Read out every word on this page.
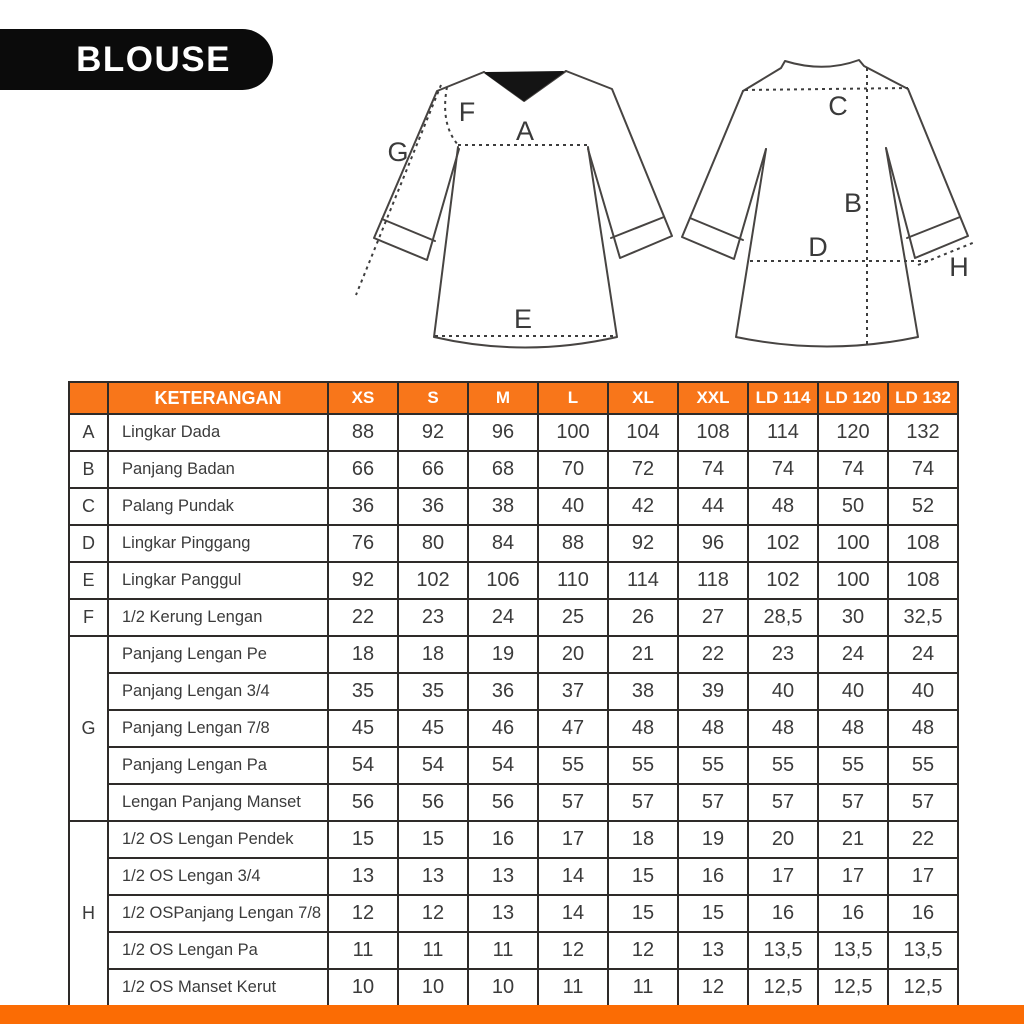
BLOUSE
F
A
G
E
C
B
D
H
	KETERANGAN	XS	S	M	L	XL	XXL	LD 114	LD 120	LD 132
A	Lingkar Dada	88	92	96	100	104	108	114	120	132
B	Panjang Badan	66	66	68	70	72	74	74	74	74
C	Palang Pundak	36	36	38	40	42	44	48	50	52
D	Lingkar Pinggang	76	80	84	88	92	96	102	100	108
E	Lingkar Panggul	92	102	106	110	114	118	102	100	108
F	1/2 Kerung Lengan	22	23	24	25	26	27	28,5	30	32,5
G	Panjang Lengan Pe	18	18	19	20	21	22	23	24	24
	Panjang Lengan 3/4	35	35	36	37	38	39	40	40	40
	Panjang Lengan 7/8	45	45	46	47	48	48	48	48	48
	Panjang Lengan Pa	54	54	54	55	55	55	55	55	55
	Lengan Panjang Manset	56	56	56	57	57	57	57	57	57
H	1/2 OS Lengan Pendek	15	15	16	17	18	19	20	21	22
	1/2 OS Lengan 3/4	13	13	13	14	15	16	17	17	17
	1/2 OSPanjang Lengan 7/8	12	12	13	14	15	15	16	16	16
	1/2 OS Lengan Pa	11	11	11	12	12	13	13,5	13,5	13,5
	1/2 OS Manset Kerut	10	10	10	11	11	12	12,5	12,5	12,5
